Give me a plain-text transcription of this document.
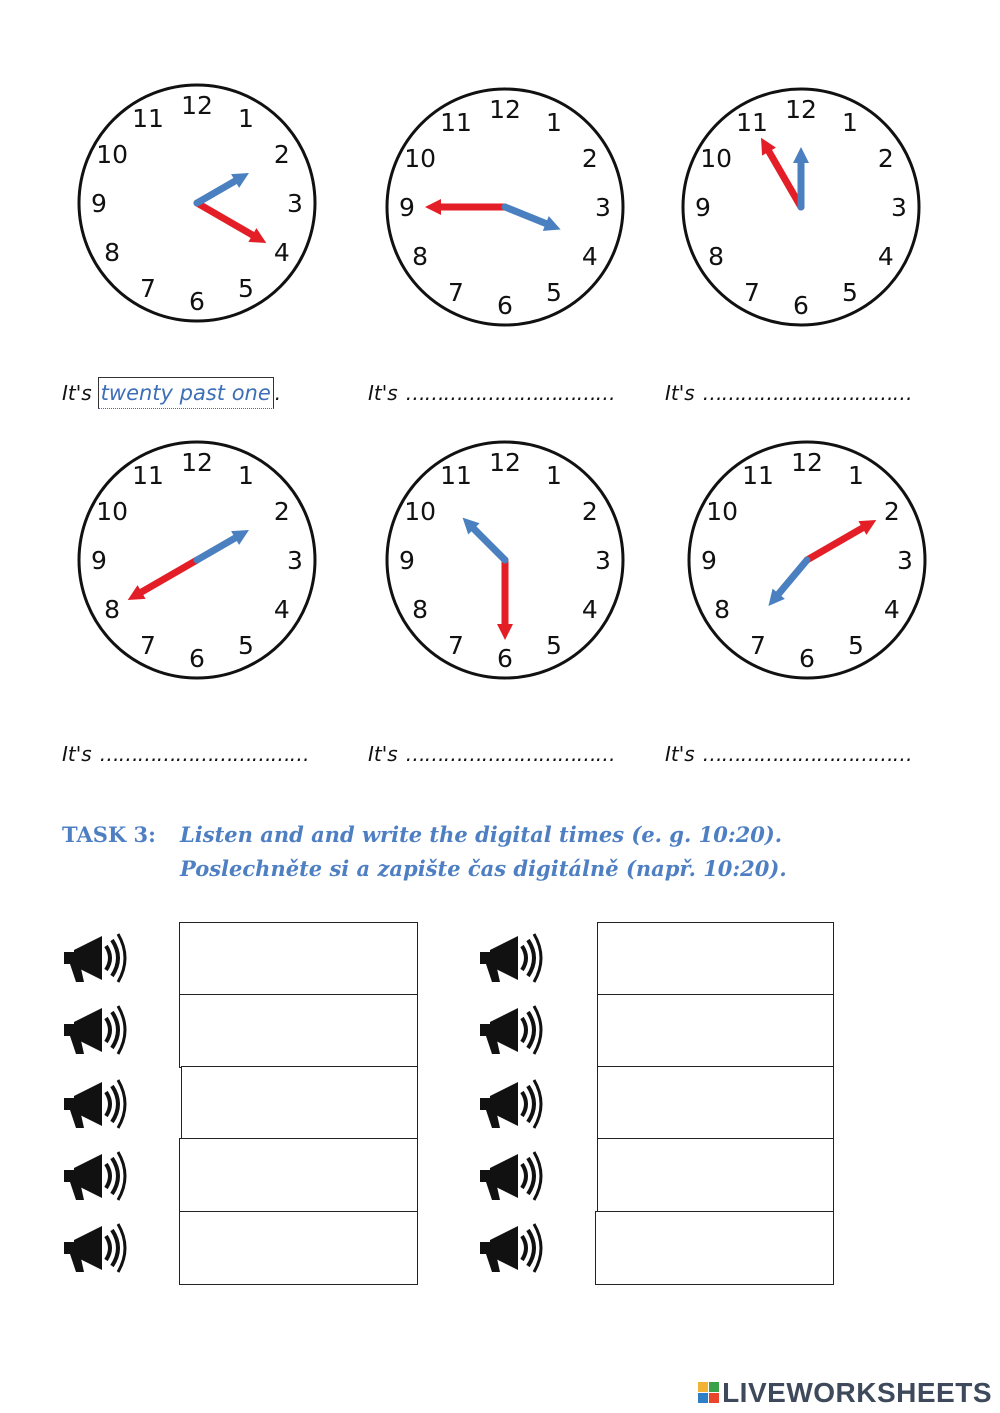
12 1
2
3
4
5
6
7
8
9
10
11	12 1
2
3
4
5
6
7
8
9
10
11	12 1
2
3
4
5
6
7
8
9
10
11
12 1
2
3
4
5
6
7
8
9
10
11	12 1
2
3
4
5
6
7
8
9
10
11	12 1
2
3
4
5
6
7
8
9
10
11
It's twenty past one .	It's ……………………………	It's ……………………………
It's ……………………………	It's ……………………………	It's ……………………………
TASK 3: Listen and and write the digital times (e. g. 10:20).
Poslechněte si a zapište čas digitálně (např. 10:20).
LIVEWORKSHEETS
